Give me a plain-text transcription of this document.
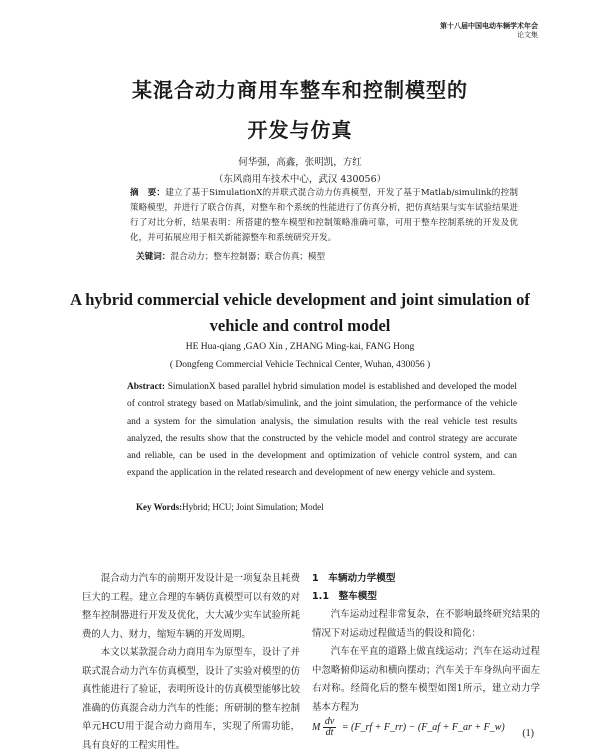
第十八届中国电动车辆学术年会
论文集
某混合动力商用车整车和控制模型的
开发与仿真
何华强，高鑫，张明凯，方红
（东风商用车技术中心，武汉 430056）
摘　要：建立了基于SimulationX的并联式混合动力仿真模型，开发了基于Matlab/simulink的控制策略模型，并进行了联合仿真，对整车和个系统的性能进行了仿真分析，把仿真结果与实车试验结果进行了对比分析，结果表明：所搭建的整车模型和控制策略准确可靠，可用于整车控制系统的开发及优化，并可拓展应用于相关新能源整车和系统研究开发。
关键词：混合动力；整车控制器；联合仿真；模型
A hybrid commercial vehicle development and joint simulation of
vehicle and control model
HE Hua-qiang ,GAO Xin , ZHANG Ming-kai, FANG Hong
( Dongfeng Commercial Vehicle Technical Center, Wuhan, 430056 )
Abstract: SimulationX based parallel hybrid simulation model is established and developed the model of control strategy based on Matlab/simulink, and the joint simulation, the performance of the vehicle and a system for the simulation analysis, the simulation results with the real vehicle test results analyzed, the results show that the constructed by the vehicle model and control strategy are accurate and reliable, can be used in the development and optimization of vehicle control system, and can expand the application in the related research and development of new energy vehicle and system.
Key Words:Hybrid; HCU; Joint Simulation; Model

混合动力汽车的前期开发设计是一项复杂且耗费巨大的工程。建立合理的车辆仿真模型可以有效的对整车控制器进行开发及优化，大大减少实车试验所耗费的人力、财力，缩短车辆的开发周期。

本文以某款混合动力商用车为原型车，设计了并联式混合动力汽车仿真模型，设计了实验对模型的仿真性能进行了验证，表明所设计的仿真模型能够比较准确的仿真混合动力汽车的性能；所研制的整车控制单元HCU用于混合动力商用车，实现了所需功能，具有良好的工程实用性。

1　车辆动力学模型
1.1　整车模型

汽车运动过程非常复杂，在不影响最终研究结果的情况下对运动过程做适当的假设和简化：

汽车在平直的道路上做直线运动；汽车在运动过程中忽略俯仰运动和横向摆动；汽车关于车身纵向平面左右对称。经简化后的整车模型如图1所示，建立动力学基本方程为

M $\frac{dv}{dt}$ = (F_rf + F_rr) − (F_af + F_ar + F_w)
(1)
